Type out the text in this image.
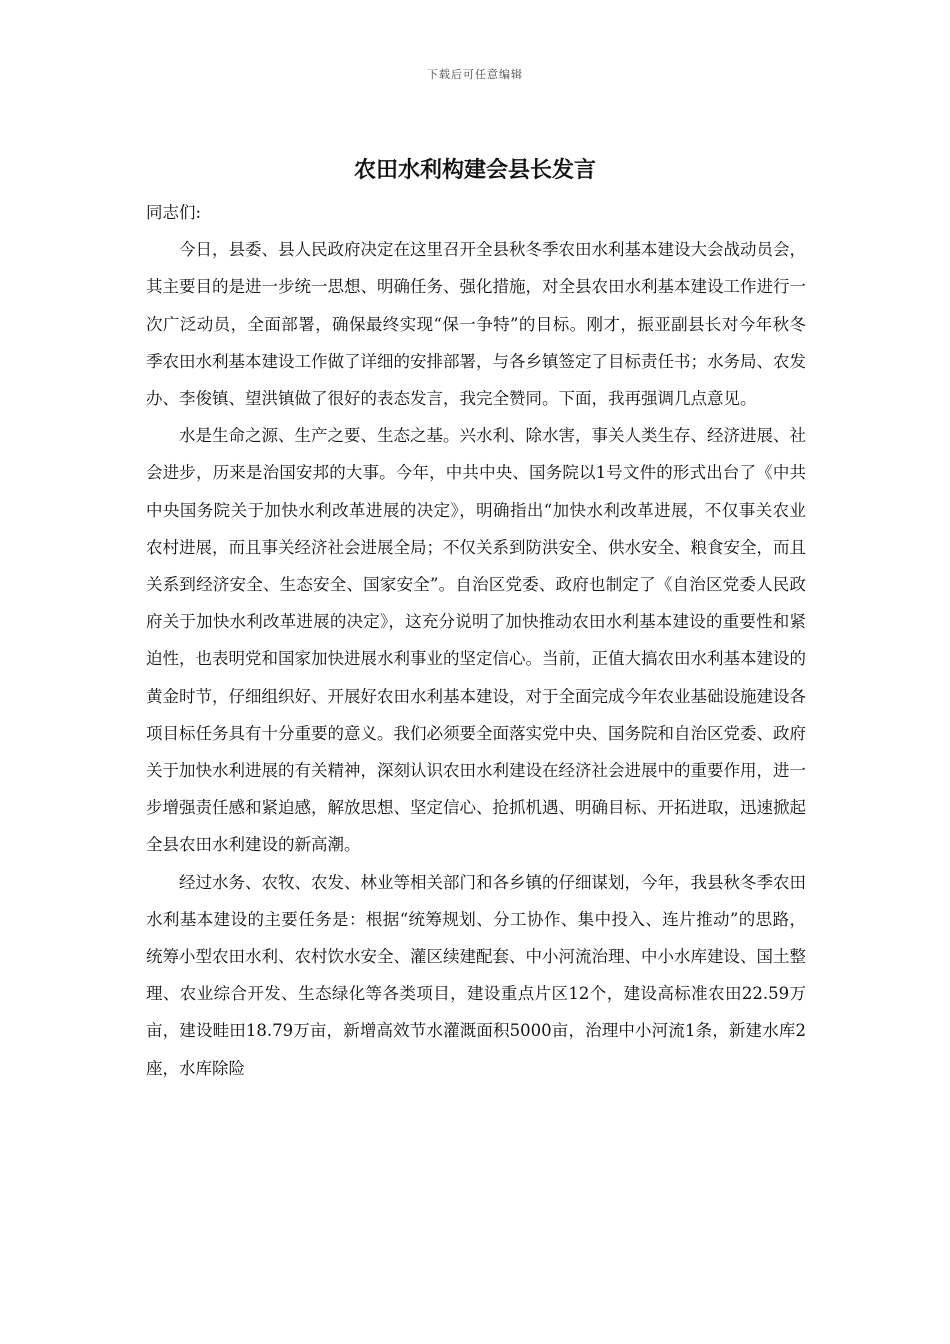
下载后可任意编辑
农田水利构建会县长发言

同志们:

今日，县委、县人民政府决定在这里召开全县秋冬季农田水利基本建设大会战动员会，其主要目的是进一步统一思想、明确任务、强化措施，对全县农田水利基本建设工作进行一次广泛动员，全面部署，确保最终实现“保一争特”的目标。刚才，振亚副县长对今年秋冬季农田水利基本建设工作做了详细的安排部署，与各乡镇签定了目标责任书；水务局、农发办、李俊镇、望洪镇做了很好的表态发言，我完全赞同。下面，我再强调几点意见。

水是生命之源、生产之要、生态之基。兴水利、除水害，事关人类生存、经济进展、社会进步，历来是治国安邦的大事。今年，中共中央、国务院以1号文件的形式出台了《中共中央国务院关于加快水利改革进展的决定》，明确指出“加快水利改革进展，不仅事关农业农村进展，而且事关经济社会进展全局；不仅关系到防洪安全、供水安全、粮食安全，而且关系到经济安全、生态安全、国家安全”。自治区党委、政府也制定了《自治区党委人民政府关于加快水利改革进展的决定》，这充分说明了加快推动农田水利基本建设的重要性和紧迫性，也表明党和国家加快进展水利事业的坚定信心。当前，正值大搞农田水利基本建设的黄金时节，仔细组织好、开展好农田水利基本建设，对于全面完成今年农业基础设施建设各项目标任务具有十分重要的意义。我们必须要全面落实党中央、国务院和自治区党委、政府关于加快水利进展的有关精神，深刻认识农田水利建设在经济社会进展中的重要作用，进一步增强责任感和紧迫感，解放思想、坚定信心、抢抓机遇、明确目标、开拓进取，迅速掀起全县农田水利建设的新高潮。

经过水务、农牧、农发、林业等相关部门和各乡镇的仔细谋划，今年，我县秋冬季农田水利基本建设的主要任务是：根据“统筹规划、分工协作、集中投入、连片推动”的思路，统筹小型农田水利、农村饮水安全、灌区续建配套、中小河流治理、中小水库建设、国土整理、农业综合开发、生态绿化等各类项目，建设重点片区12个，建设高标准农田22.59万亩，建设畦田18.79万亩，新增高效节水灌溉面积5000亩，治理中小河流1条，新建水库2座，水库除险
